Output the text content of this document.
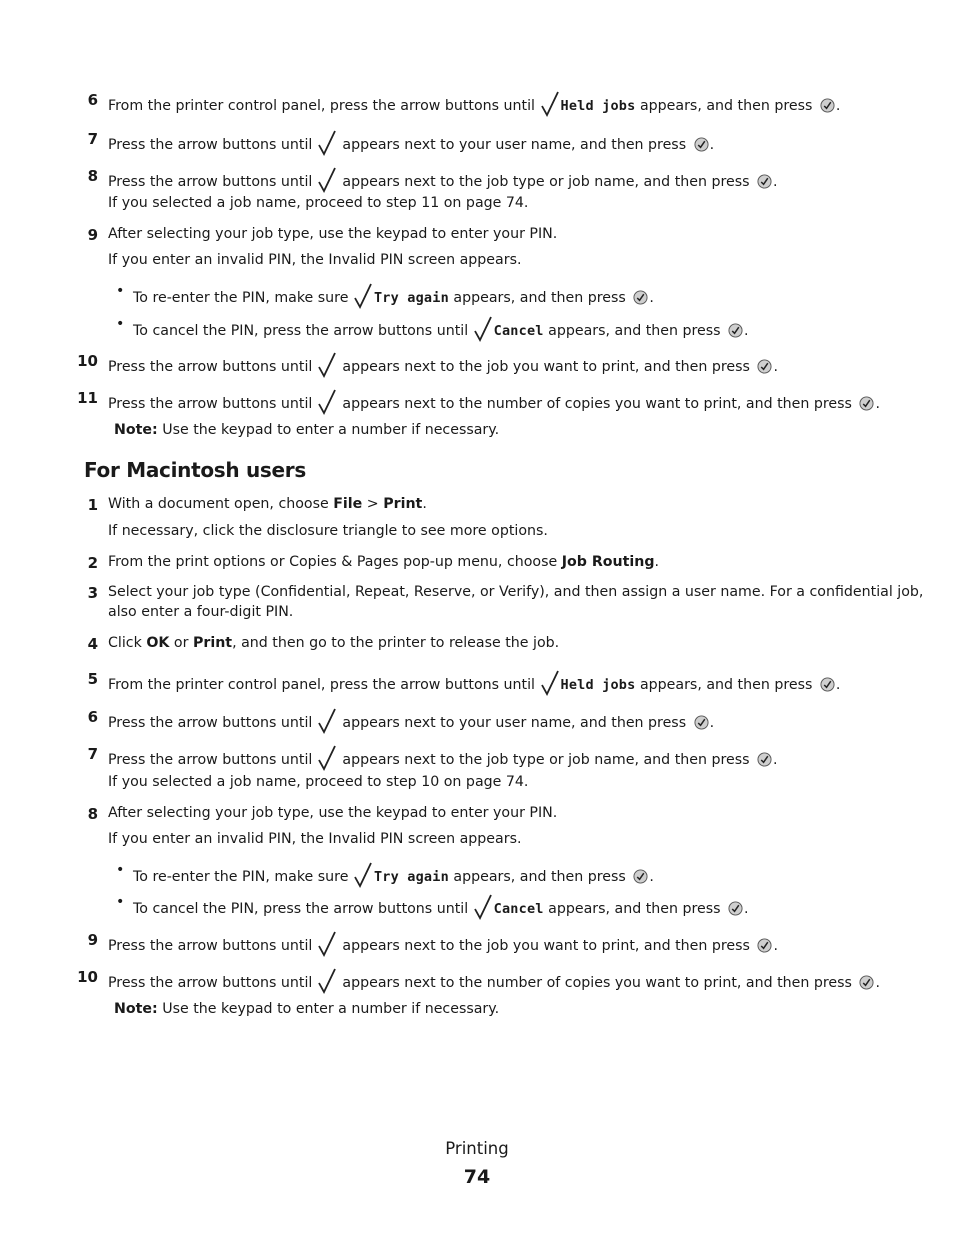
6 From the printer control panel, press the arrow buttons until
Held jobs appears, and then press
.
7 Press the arrow buttons until
appears next to your user name, and then press
.
8 Press the arrow buttons until
appears next to the job type or job name, and then press
.
If you selected a job name, proceed to step 11 on page 74.
9 After selecting your job type, use the keypad to enter your PIN.
If you enter an invalid PIN, the Invalid PIN screen appears.
• To re-enter the PIN, make sure
Try again appears, and then press
.
• To cancel the PIN, press the arrow buttons until
Cancel appears, and then press
.
10 Press the arrow buttons until
appears next to the job you want to print, and then press
.
11 Press the arrow buttons until
appears next to the number of copies you want to print, and then press
.
Note: Use the keypad to enter a number if necessary.
For Macintosh users
1 With a document open, choose File > Print.
If necessary, click the disclosure triangle to see more options.
2 From the print options or Copies & Pages pop-up menu, choose Job Routing.
3 Select your job type (Confidential, Repeat, Reserve, or Verify), and then assign a user name. For a confidential job,
also enter a four-digit PIN.
4 Click OK or Print, and then go to the printer to release the job.
5 From the printer control panel, press the arrow buttons until
Held jobs appears, and then press
.
6 Press the arrow buttons until
appears next to your user name, and then press
.
7 Press the arrow buttons until
appears next to the job type or job name, and then press
.
If you selected a job name, proceed to step 10 on page 74.
8 After selecting your job type, use the keypad to enter your PIN.
If you enter an invalid PIN, the Invalid PIN screen appears.
• To re-enter the PIN, make sure
Try again appears, and then press
.
• To cancel the PIN, press the arrow buttons until
Cancel appears, and then press
.
9 Press the arrow buttons until
appears next to the job you want to print, and then press
.
10 Press the arrow buttons until
appears next to the number of copies you want to print, and then press
.
Note: Use the keypad to enter a number if necessary.
Printing
74
